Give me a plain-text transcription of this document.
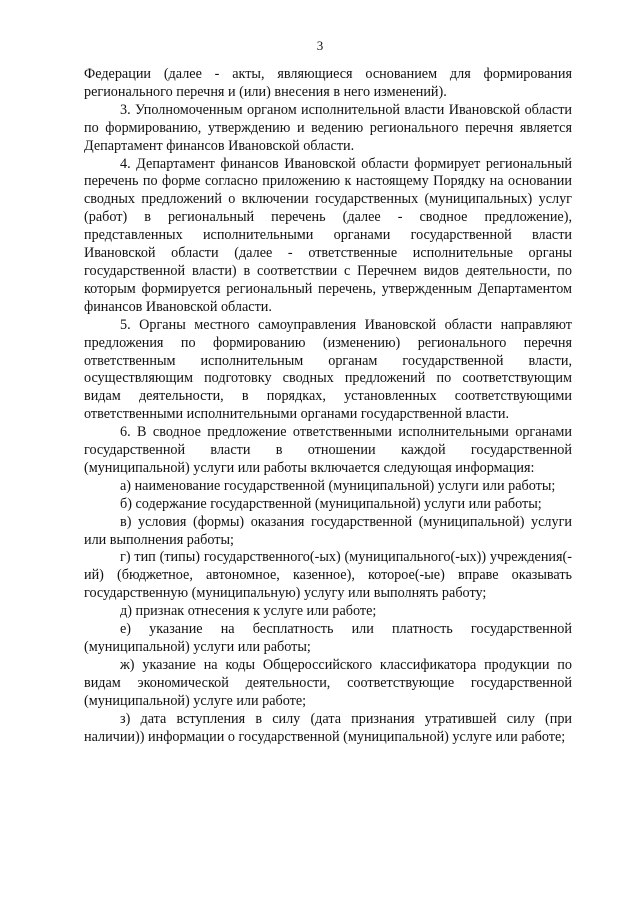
3

Федерации (далее - акты, являющиеся основанием для формирования регионального перечня и (или) внесения в него изменений).

3. Уполномоченным органом исполнительной власти Ивановской области по формированию, утверждению и ведению регионального перечня является Департамент финансов Ивановской области.

4. Департамент финансов Ивановской области формирует региональный перечень по форме согласно приложению к настоящему Порядку на основании сводных предложений о включении государственных (муниципальных) услуг (работ) в региональный перечень (далее - сводное предложение), представленных исполнительными органами государственной власти Ивановской области (далее - ответственные исполнительные органы государственной власти) в соответствии с Перечнем видов деятельности, по которым формируется региональный перечень, утвержденным Департаментом финансов Ивановской области.

5. Органы местного самоуправления Ивановской области направляют предложения по формированию (изменению) регионального перечня ответственным исполнительным органам государственной власти, осуществляющим подготовку сводных предложений по соответствующим видам деятельности, в порядках, установленных соответствующими ответственными исполнительными органами государственной власти.

6. В сводное предложение ответственными исполнительными органами государственной власти в отношении каждой государственной (муниципальной) услуги или работы включается следующая информация:

а) наименование государственной (муниципальной) услуги или работы;

б) содержание государственной (муниципальной) услуги или работы;

в) условия (формы) оказания государственной (муниципальной) услуги или выполнения работы;

г) тип (типы) государственного(-ых) (муниципального(-ых)) учреждения(-ий) (бюджетное, автономное, казенное), которое(-ые) вправе оказывать государственную (муниципальную) услугу или выполнять работу;

д) признак отнесения к услуге или работе;

е) указание на бесплатность или платность государственной (муниципальной) услуги или работы;

ж) указание на коды Общероссийского классификатора продукции по видам экономической деятельности, соответствующие государственной (муниципальной) услуге или работе;

з) дата вступления в силу (дата признания утратившей силу (при наличии)) информации о государственной (муниципальной) услуге или работе;
